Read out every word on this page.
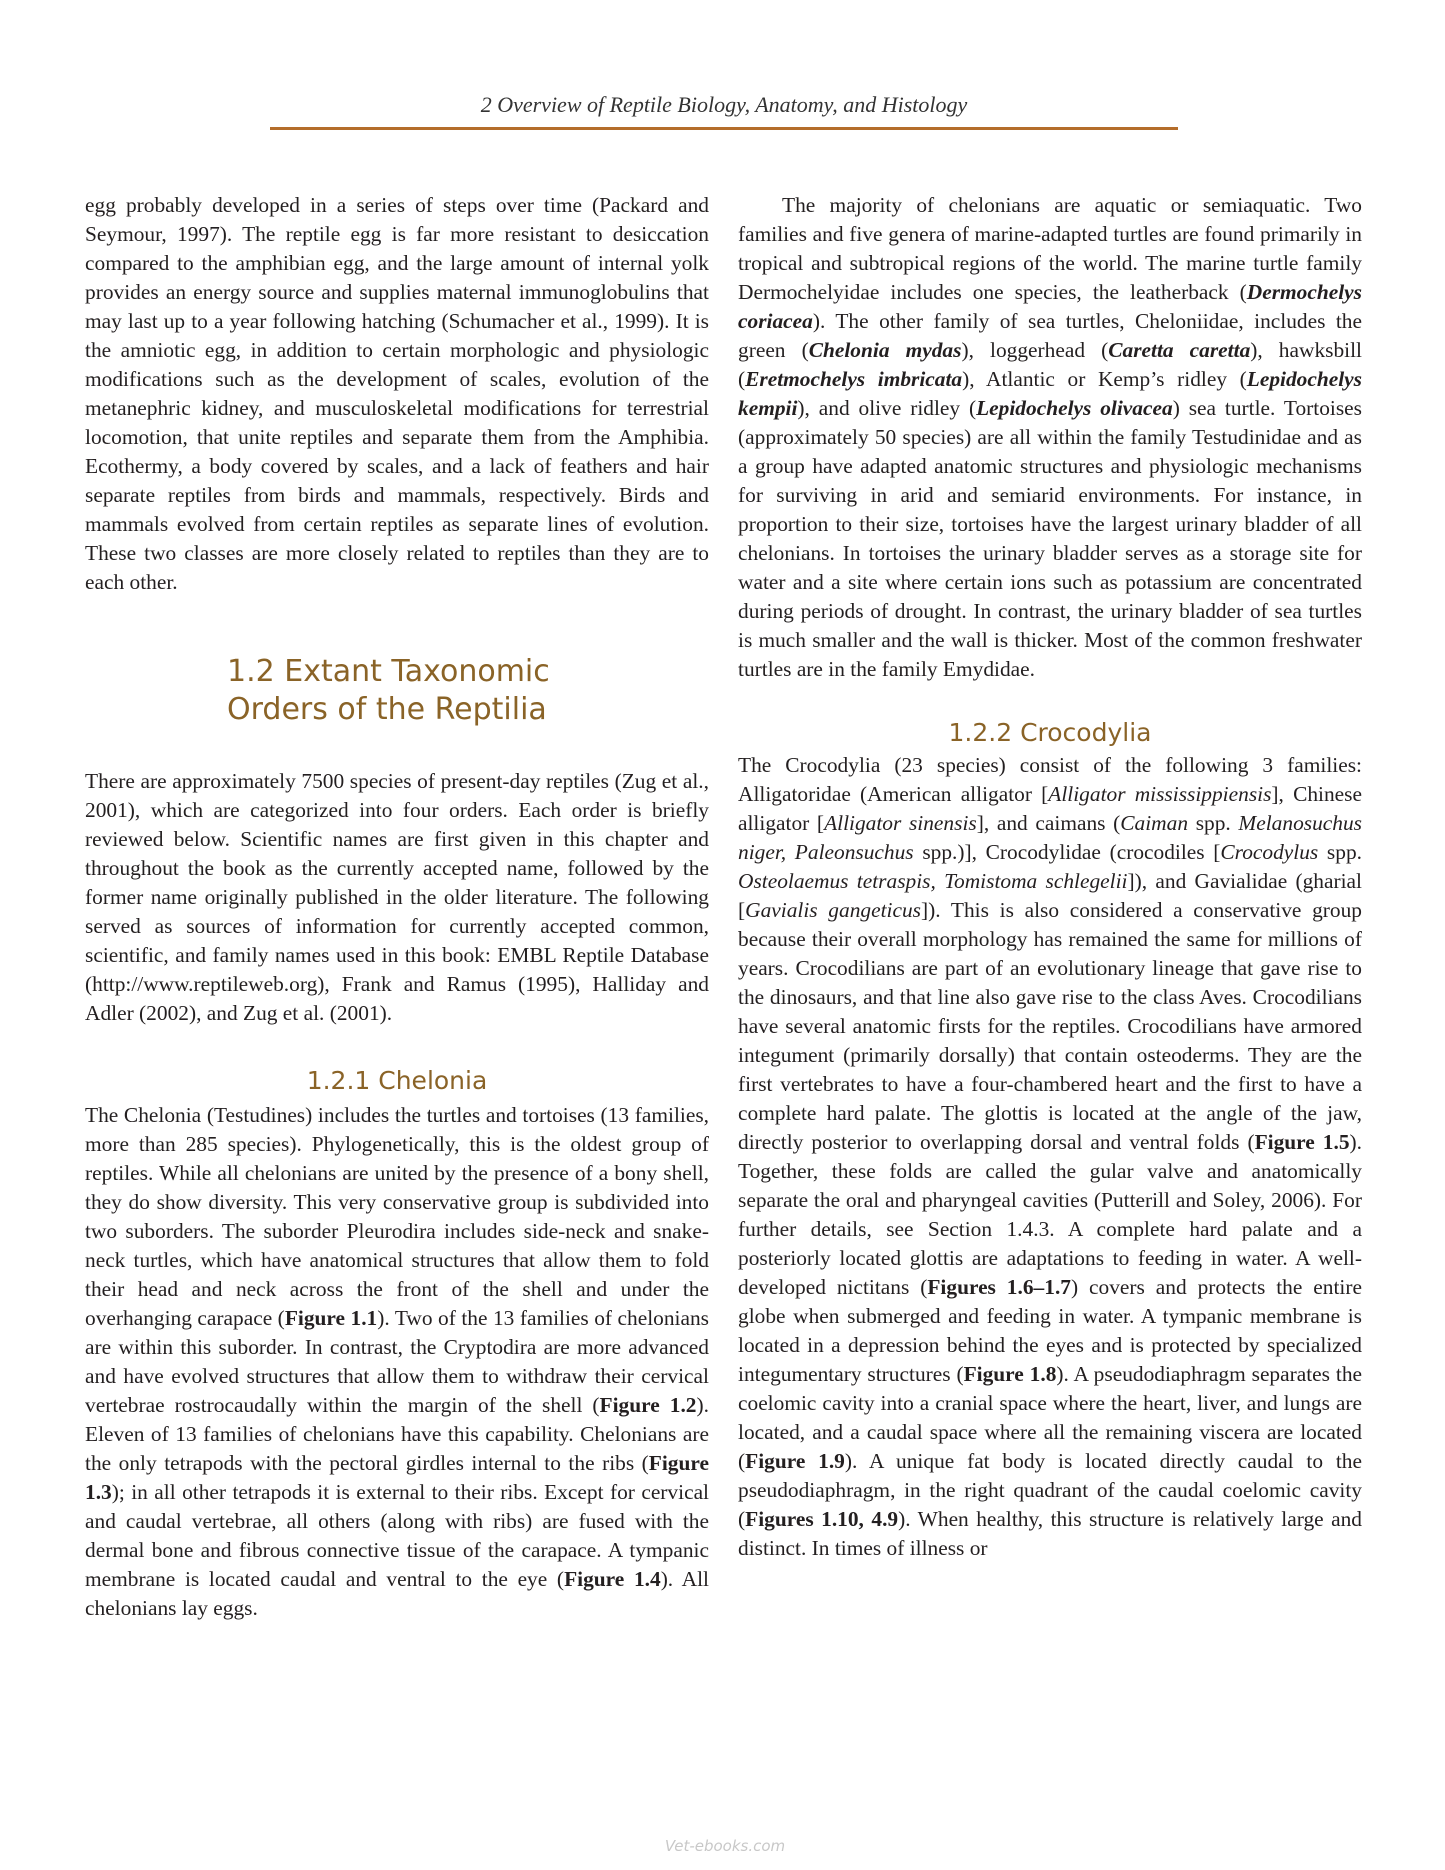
2 Overview of Reptile Biology, Anatomy, and Histology

egg probably developed in a series of steps over time (Packard and Seymour, 1997). The reptile egg is far more resistant to desiccation compared to the amphibian egg, and the large amount of internal yolk provides an energy source and supplies maternal immunoglobulins that may last up to a year following hatching (Schumacher et al., 1999). It is the amniotic egg, in addition to certain morphologic and physiologic modifications such as the development of scales, evolution of the metanephric kidney, and musculoskeletal modifications for terrestrial locomotion, that unite reptiles and separate them from the Amphibia. Ecothermy, a body covered by scales, and a lack of feathers and hair separate reptiles from birds and mammals, respectively. Birds and mammals evolved from certain reptiles as separate lines of evolution. These two classes are more closely related to reptiles than they are to each other.

1.2 Extant Taxonomic
Orders of the Reptilia

There are approximately 7500 species of present-day reptiles (Zug et al., 2001), which are categorized into four orders. Each order is briefly reviewed below. Scientific names are first given in this chapter and throughout the book as the currently accepted name, followed by the former name originally published in the older literature. The following served as sources of information for currently accepted common, scientific, and family names used in this book: EMBL Reptile Database (http://www.reptileweb.org), Frank and Ramus (1995), Halliday and Adler (2002), and Zug et al. (2001).

1.2.1 Chelonia

The Chelonia (Testudines) includes the turtles and tortoises (13 families, more than 285 species). Phylogenetically, this is the oldest group of reptiles. While all chelonians are united by the presence of a bony shell, they do show diversity. This very conservative group is subdivided into two suborders. The suborder Pleurodira includes side-neck and snake-neck turtles, which have anatomical structures that allow them to fold their head and neck across the front of the shell and under the overhanging carapace (Figure 1.1). Two of the 13 families of chelonians are within this suborder. In contrast, the Cryptodira are more advanced and have evolved structures that allow them to withdraw their cervical vertebrae rostrocaudally within the margin of the shell (Figure 1.2). Eleven of 13 families of chelonians have this capability. Chelonians are the only tetrapods with the pectoral girdles internal to the ribs (Figure 1.3); in all other tetrapods it is external to their ribs. Except for cervical and caudal vertebrae, all others (along with ribs) are fused with the dermal bone and fibrous connective tissue of the carapace. A tympanic membrane is located caudal and ventral to the eye (Figure 1.4). All chelonians lay eggs.

The majority of chelonians are aquatic or semiaquatic. Two families and five genera of marine-adapted turtles are found primarily in tropical and subtropical regions of the world. The marine turtle family Dermochelyidae includes one species, the leatherback (Dermochelys coriacea). The other family of sea turtles, Cheloniidae, includes the green (Chelonia mydas), loggerhead (Caretta caretta), hawksbill (Eretmochelys imbricata), Atlantic or Kemp’s ridley (Lepidochelys kempii), and olive ridley (Lepidochelys olivacea) sea turtle. Tortoises (approximately 50 species) are all within the family Testudinidae and as a group have adapted anatomic structures and physiologic mechanisms for surviving in arid and semiarid environments. For instance, in proportion to their size, tortoises have the largest urinary bladder of all chelonians. In tortoises the urinary bladder serves as a storage site for water and a site where certain ions such as potassium are concentrated during periods of drought. In contrast, the urinary bladder of sea turtles is much smaller and the wall is thicker. Most of the common freshwater turtles are in the family Emydidae.

1.2.2 Crocodylia

The Crocodylia (23 species) consist of the following 3 families: Alligatoridae (American alligator [Alligator mississippiensis], Chinese alligator [Alligator sinensis], and caimans (Caiman spp. Melanosuchus niger, Paleonsuchus spp.)], Crocodylidae (crocodiles [Crocodylus spp. Osteolaemus tetraspis, Tomistoma schlegelii]), and Gavialidae (gharial [Gavialis gangeticus]). This is also considered a conservative group because their overall morphology has remained the same for millions of years. Crocodilians are part of an evolutionary lineage that gave rise to the dinosaurs, and that line also gave rise to the class Aves. Crocodilians have several anatomic firsts for the reptiles. Crocodilians have armored integument (primarily dorsally) that contain osteoderms. They are the first vertebrates to have a four-chambered heart and the first to have a complete hard palate. The glottis is located at the angle of the jaw, directly posterior to overlapping dorsal and ventral folds (Figure 1.5). Together, these folds are called the gular valve and anatomically separate the oral and pharyngeal cavities (Putterill and Soley, 2006). For further details, see Section 1.4.3. A complete hard palate and a posteriorly located glottis are adaptations to feeding in water. A well-developed nictitans (Figures 1.6–1.7) covers and protects the entire globe when submerged and feeding in water. A tympanic membrane is located in a depression behind the eyes and is protected by specialized integumentary structures (Figure 1.8). A pseudodiaphragm separates the coelomic cavity into a cranial space where the heart, liver, and lungs are located, and a caudal space where all the remaining viscera are located (Figure 1.9). A unique fat body is located directly caudal to the pseudodiaphragm, in the right quadrant of the caudal coelomic cavity (Figures 1.10, 4.9). When healthy, this structure is relatively large and distinct. In times of illness or

Vet-ebooks.com
